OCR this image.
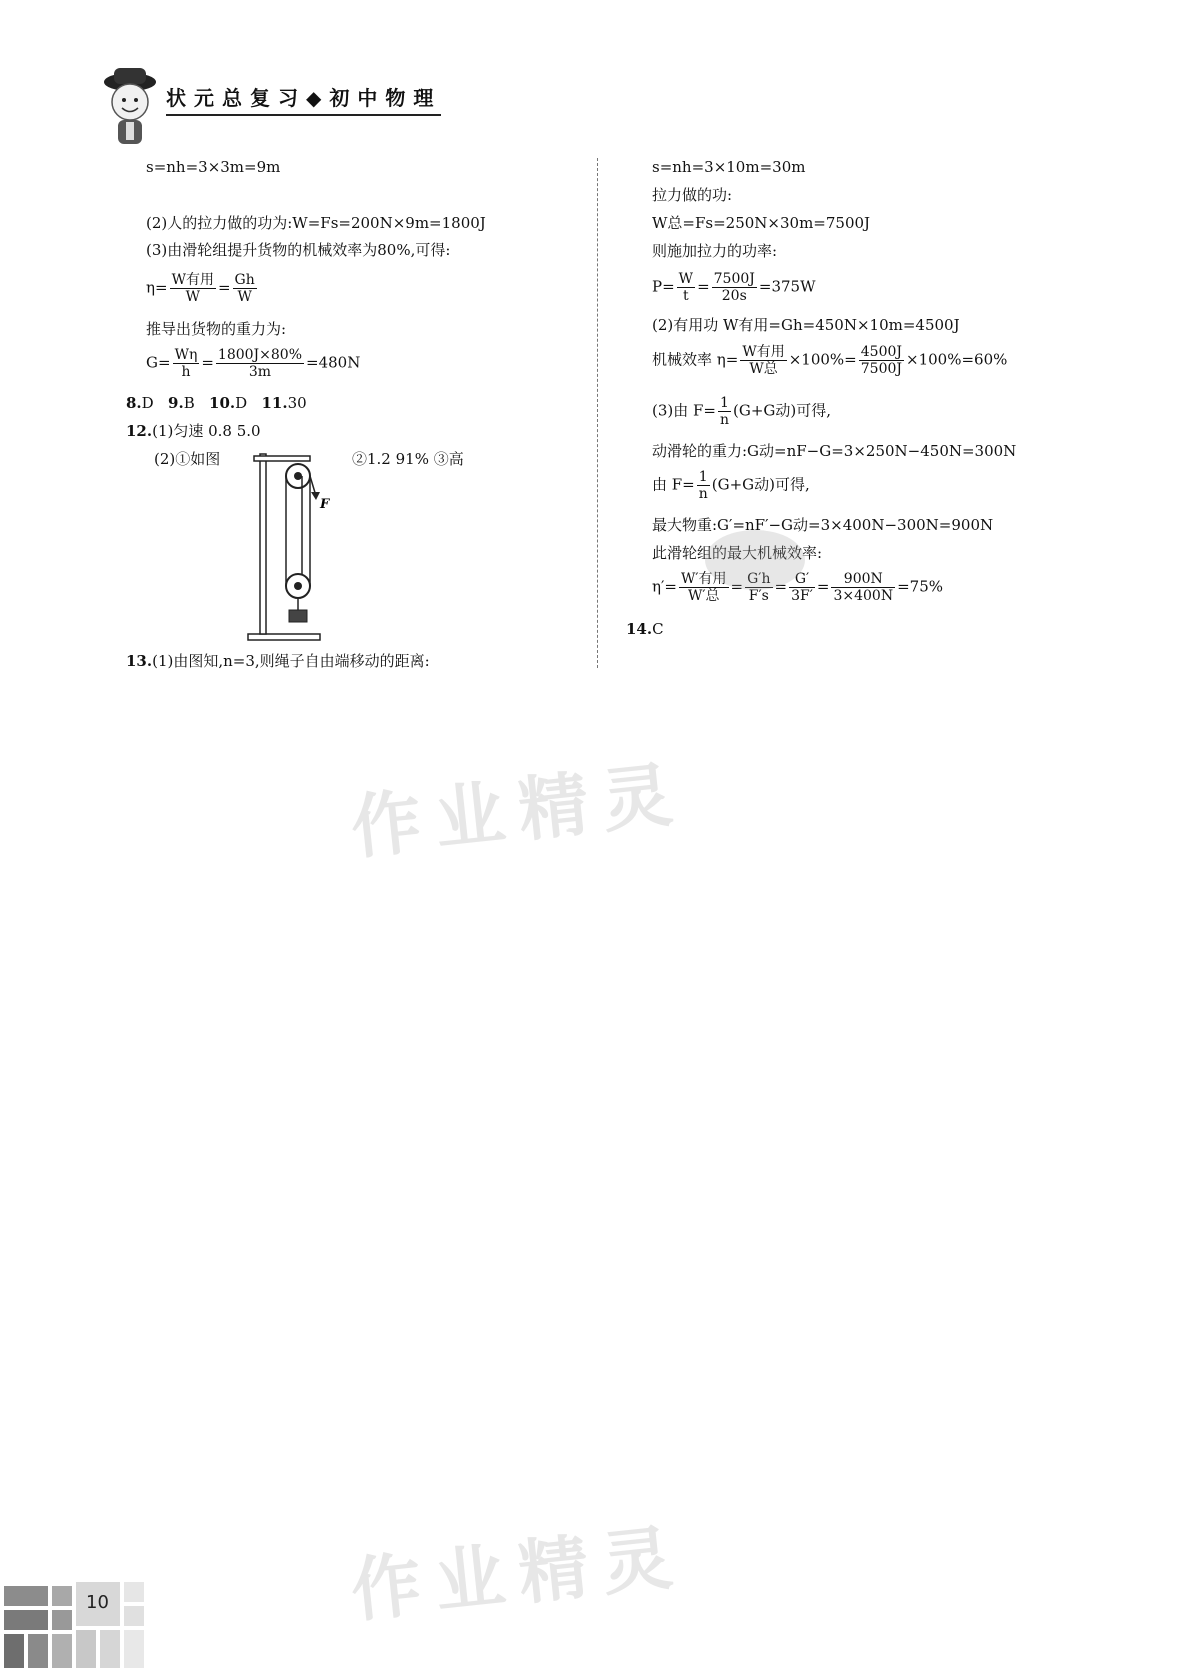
状元总复习◆初中物理
s=nh=3×3m=9m
(2)人的拉力做的功为:W=Fs=200N×9m=1800J
(3)由滑轮组提升货物的机械效率为80%,可得:
$\eta= \frac{\text{W有用}}{W} = \frac{Gh}{W}$
推导出货物的重力为:
$G= \frac{W\eta}{h} = \frac{1800J\times 80\%}{3m} =480N$
8.D 9.B 10.D 11.30
12.(1)匀速 0.8 5.0
(2)①如图	②1.2 91% ③高
F
13.(1)由图知,n=3,则绳子自由端移动的距离:
s=nh=3×10m=30m
拉力做的功:
W总=Fs=250N×30m=7500J
则施加拉力的功率:
$P= \frac{W}{t} = \frac{7500J}{20s} =375W$
(2)有用功 W有用=Gh=450N×10m=4500J
机械效率 $\eta= \frac{\text{W有用}}{\text{W总}} \times 100\%= \frac{4500J}{7500J} \times 100\%=60\%$
(3)由 $F= \frac{1}{n} (G+G$动)可得,
动滑轮的重力:G动=nF−G=3×250N−450N=300N
由 $F= \frac{1}{n} (G+G$动)可得,
最大物重:G′=nF′−G动=3×400N−300N=900N
此滑轮组的最大机械效率:
$\eta'= \frac{\text{W′有用}}{\text{W′总}} = \frac{G'h}{F's} = \frac{G'}{3F'} = \frac{900N}{3\times 400N} =75\%$
14.C
作业精灵
作业精灵
10
